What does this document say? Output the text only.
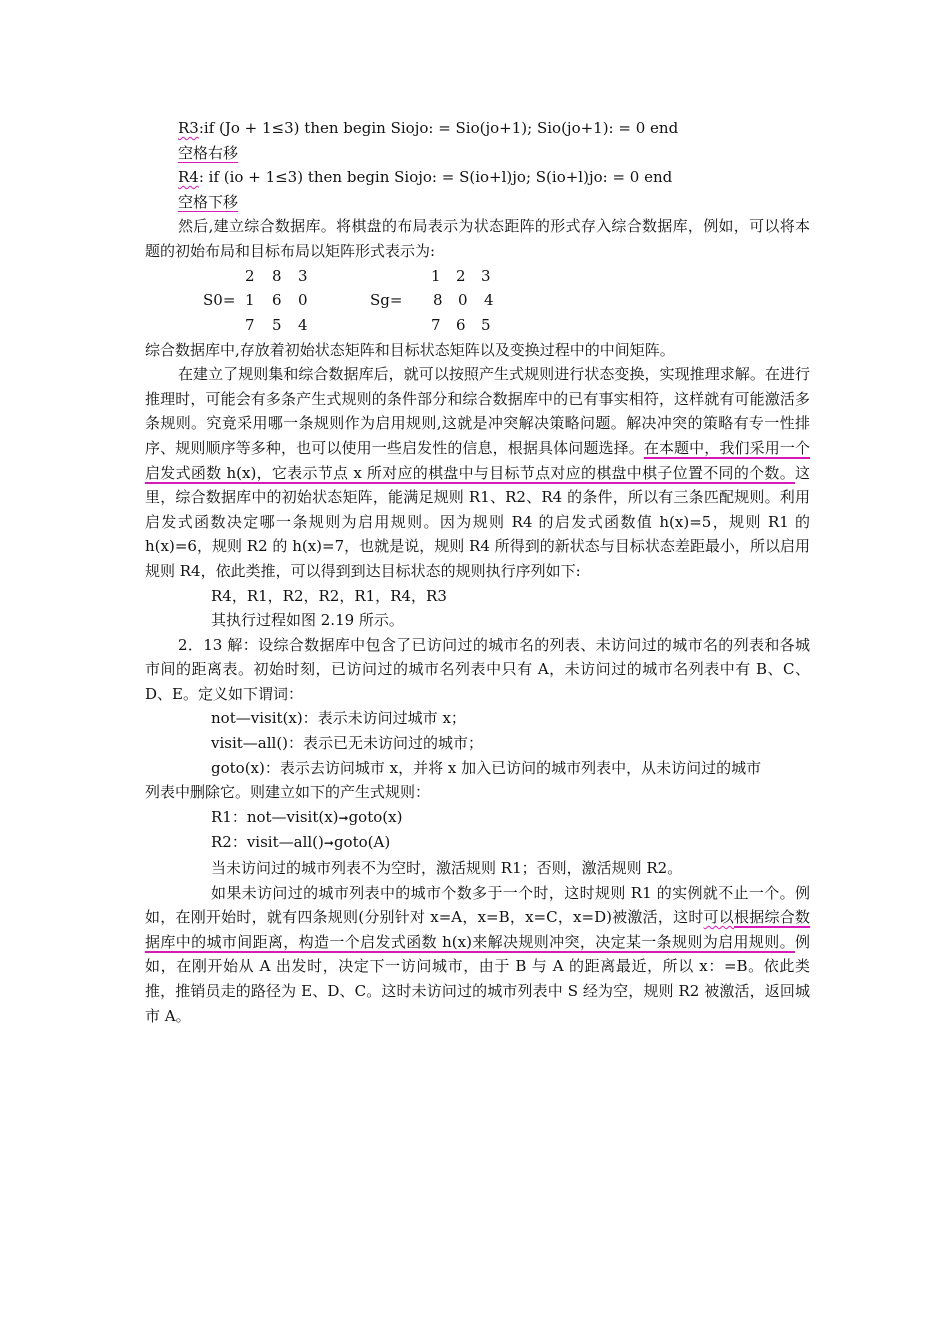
R3:if (Jo + 1≤3) then begin Siojo: = Sio(jo+1); Sio(jo+1): = 0 end
空格右移
R4: if (io + 1≤3) then begin Siojo: = S(io+l)jo; S(io+l)jo: = 0 end
空格下移
然后,建立综合数据库。将棋盘的布局表示为状态距阵的形式存入综合数据库，例如，可以将本题的初始布局和目标布局以矩阵形式表示为:
2 8 3	1 2 3
S0= 1 6 0	Sg= 8 0 4
7 5 4	7 6 5
综合数据库中,存放着初始状态矩阵和目标状态矩阵以及变换过程中的中间矩阵。
在建立了规则集和综合数据库后，就可以按照产生式规则进行状态变换，实现推理求解。在进行推理时，可能会有多条产生式规则的条件部分和综合数据库中的已有事实相符，这样就有可能激活多条规则。究竟采用哪一条规则作为启用规则,这就是冲突解决策略问题。解决冲突的策略有专一性排序、规则顺序等多种，也可以使用一些启发性的信息，根据具体问题选择。在本题中，我们采用一个启发式函数 h(x)，它表示节点 x 所对应的棋盘中与目标节点对应的棋盘中棋子位置不同的个数。这里，综合数据库中的初始状态矩阵，能满足规则 R1、R2、R4 的条件，所以有三条匹配规则。利用启发式函数决定哪一条规则为启用规则。因为规则 R4 的启发式函数值 h(x)=5，规则 R1 的 h(x)=6，规则 R2 的 h(x)=7，也就是说，规则 R4 所得到的新状态与目标状态差距最小，所以启用规则 R4，依此类推，可以得到到达目标状态的规则执行序列如下:
R4，R1，R2，R2，R1，R4，R3
其执行过程如图 2.19 所示。
2．13 解：设综合数据库中包含了已访问过的城市名的列表、未访问过的城市名的列表和各城市间的距离表。初始时刻，已访问过的城市名列表中只有 A，未访问过的城市名列表中有 B、C、D、E。定义如下谓词：
not—visit(x)：表示未访问过城市 x；
visit—all()：表示已无未访问过的城市；
goto(x)：表示去访问城市 x，并将 x 加入已访问的城市列表中，从未访问过的城市
列表中删除它。则建立如下的产生式规则：
R1：not—visit(x)➞goto(x)
R2：visit—all()➞goto(A)
当未访问过的城市列表不为空时，激活规则 R1；否则，激活规则 R2。
如果未访问过的城市列表中的城市个数多于一个时，这时规则 R1 的实例就不止一个。例如，在刚开始时，就有四条规则(分别针对 x=A，x=B，x=C，x=D)被激活，这时可以根据综合数据库中的城市间距离，构造一个启发式函数 h(x)来解决规则冲突，决定某一条规则为启用规则。例如，在刚开始从 A 出发时，决定下一访问城市，由于 B 与 A 的距离最近，所以 x：=B。依此类推，推销员走的路径为 E、D、C。这时未访问过的城市列表中 S 经为空，规则 R2 被激活，返回城市 A。
